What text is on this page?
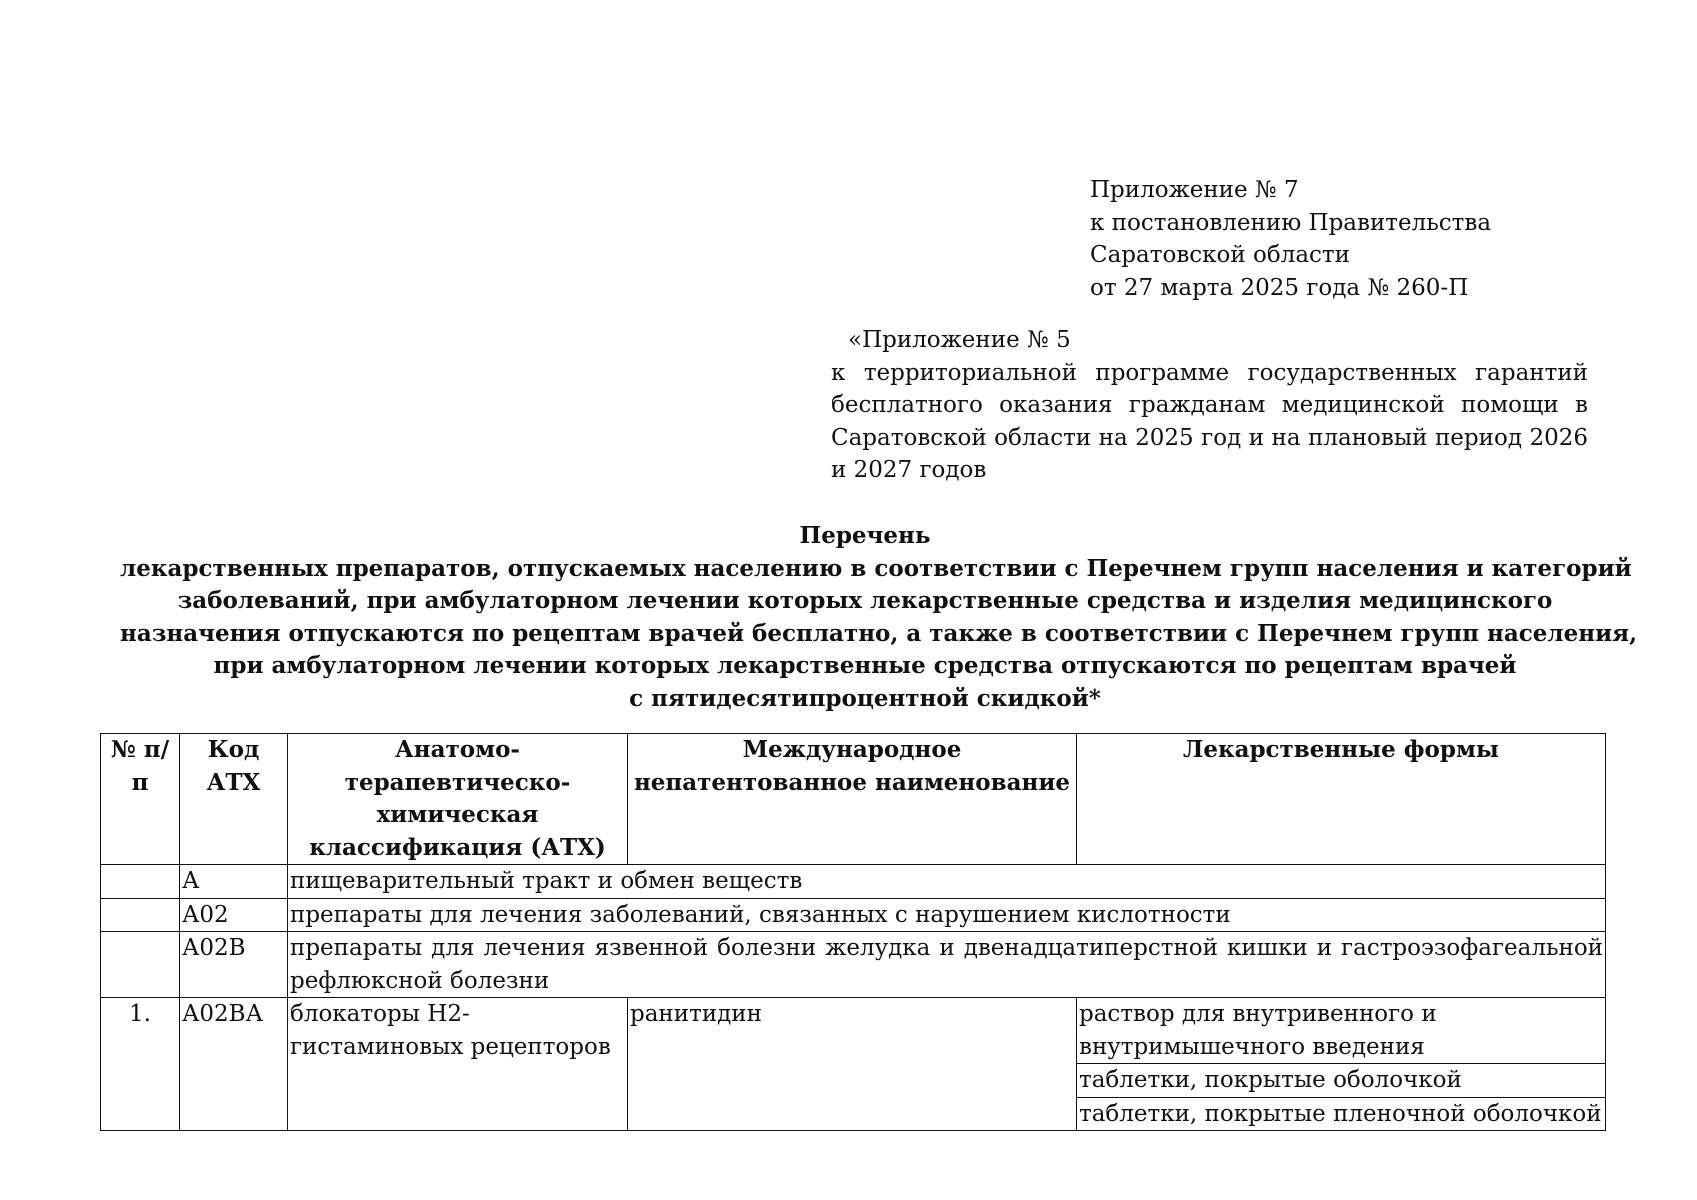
Приложение № 7
к постановлению Правительства
Саратовской области
от 27 марта 2025 года № 260-П
«Приложение № 5
к территориальной программе государственных гарантий бесплатного оказания гражданам медицинской помощи в Саратовской области на 2025 год и на плановый период 2026 и 2027 годов
Перечень
лекарственных препаратов, отпускаемых населению в соответствии с Перечнем групп населения и категорий
заболеваний, при амбулаторном лечении которых лекарственные средства и изделия медицинского
назначения отпускаются по рецептам врачей бесплатно, а также в соответствии с Перечнем групп населения,
при амбулаторном лечении которых лекарственные средства отпускаются по рецептам врачей
с пятидесятипроцентной скидкой*
№ п/п	Код АТХ	Анатомо-терапевтическо-химическая классификация (АТХ)	Международное непатентованное наименование	Лекарственные формы
	А	пищеварительный тракт и обмен веществ		
	А02	препараты для лечения заболеваний, связанных с нарушением кислотности		
	А02В	препараты для лечения язвенной болезни желудка и двенадцатиперстной кишки и гастроэзофагеальной рефлюксной болезни		
1.	А02ВА	блокаторы Н2-гистаминовых рецепторов	ранитидин	раствор для внутривенного и внутримышечного введения
				таблетки, покрытые оболочкой
				таблетки, покрытые пленочной оболочкой
